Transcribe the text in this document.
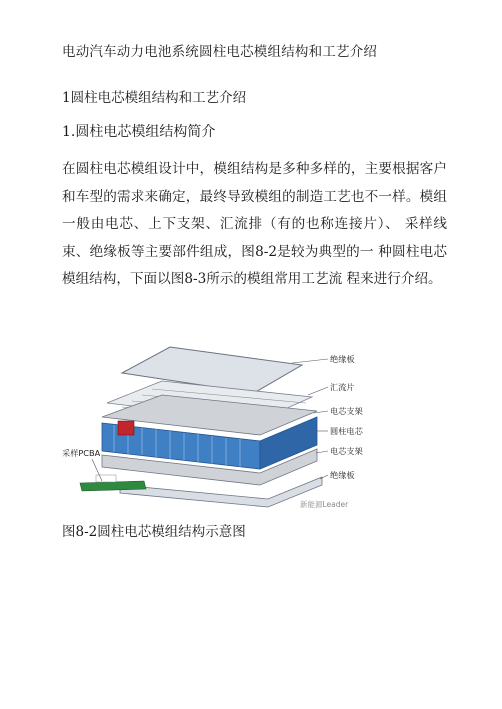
电动汽车动力电池系统圆柱电芯模组结构和工艺介绍
1圆柱电芯模组结构和工艺介绍
1.圆柱电芯模组结构简介
在圆柱电芯模组设计中，模组结构是多种多样的，主要根据客户和车型的需求来确定，最终导致模组的制造工艺也不一样。模组一般由电芯、上下支架、汇流排（有的也称连接片）、 采样线束、绝缘板等主要部件组成，图8-2是较为典型的一 种圆柱电芯模组结构，下面以图8-3所示的模组常用工艺流 程来进行介绍。
绝缘板
汇流片
电芯支架
圆柱电芯
电芯支架
绝缘板
采样PCBA
新能源Leader
图8-2圆柱电芯模组结构示意图
